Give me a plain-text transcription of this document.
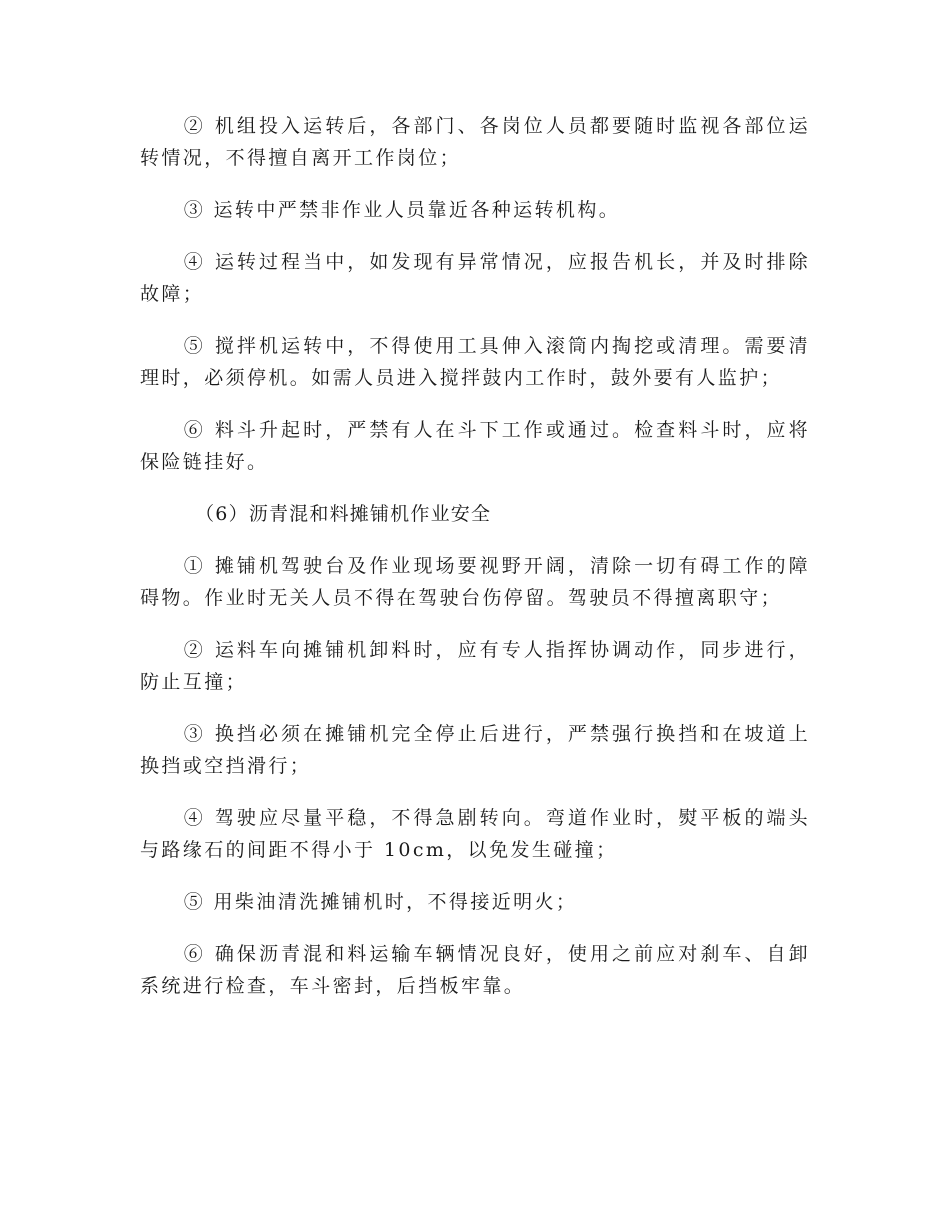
② 机组投入运转后，各部门、各岗位人员都要随时监视各部位运转情况，不得擅自离开工作岗位；

③ 运转中严禁非作业人员靠近各种运转机构。

④ 运转过程当中，如发现有异常情况，应报告机长，并及时排除故障；

⑤ 搅拌机运转中，不得使用工具伸入滚筒内掏挖或清理。需要清理时，必须停机。如需人员进入搅拌鼓内工作时，鼓外要有人监护；

⑥ 料斗升起时，严禁有人在斗下工作或通过。检查料斗时，应将保险链挂好。

（6）沥青混和料摊铺机作业安全

① 摊铺机驾驶台及作业现场要视野开阔，清除一切有碍工作的障碍物。作业时无关人员不得在驾驶台伤停留。驾驶员不得擅离职守；

② 运料车向摊铺机卸料时，应有专人指挥协调动作，同步进行，防止互撞；

③ 换挡必须在摊铺机完全停止后进行，严禁强行换挡和在坡道上换挡或空挡滑行；

④ 驾驶应尽量平稳，不得急剧转向。弯道作业时，熨平板的端头与路缘石的间距不得小于 10cm，以免发生碰撞；

⑤ 用柴油清洗摊铺机时，不得接近明火；

⑥ 确保沥青混和料运输车辆情况良好，使用之前应对刹车、自卸系统进行检查，车斗密封，后挡板牢靠。
